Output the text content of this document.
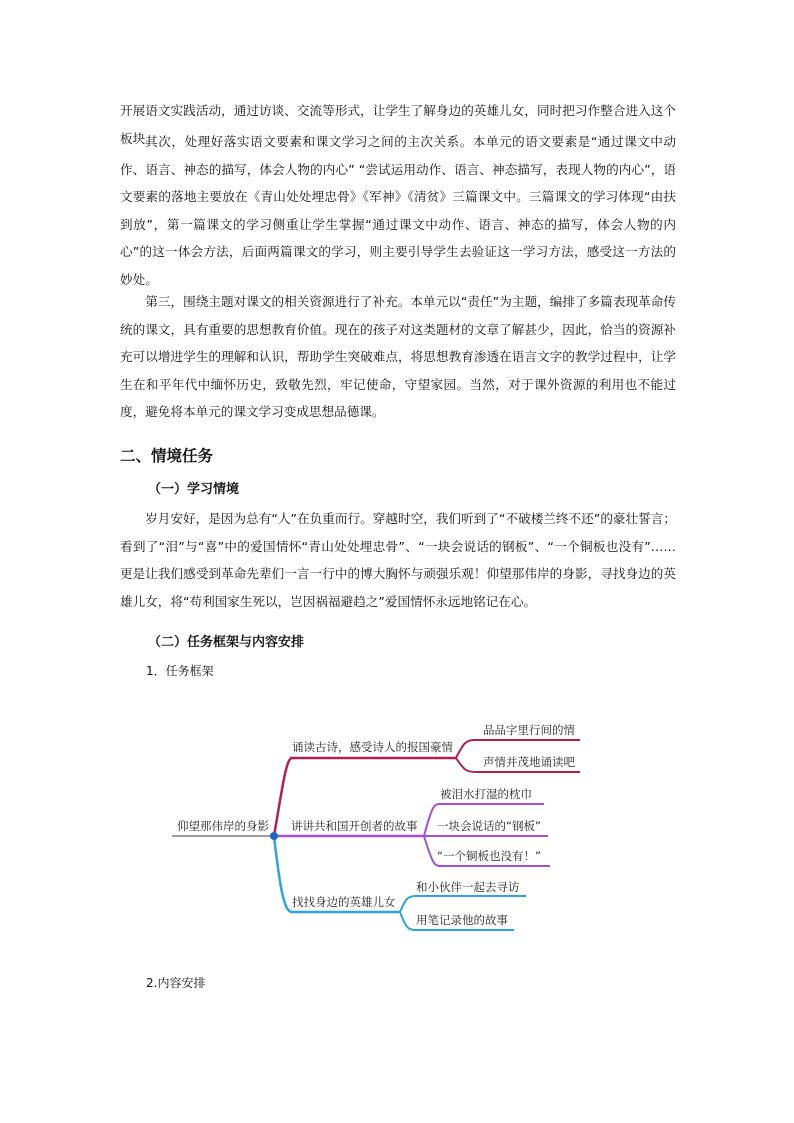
开展语文实践活动，通过访谈、交流等形式，让学生了解身边的英雄儿女，同时把习作整合进入这个板块。

其次，处理好落实语文要素和课文学习之间的主次关系。本单元的语文要素是“通过课文中动作、语言、神态的描写，体会人物的内心” “尝试运用动作、语言、神态描写，表现人物的内心”，语文要素的落地主要放在《青山处处埋忠骨》《军神》《清贫》三篇课文中。三篇课文的学习体现“由扶到放”，第一篇课文的学习侧重让学生掌握“通过课文中动作、语言、神态的描写，体会人物的内心”的这一体会方法，后面两篇课文的学习，则主要引导学生去验证这一学习方法，感受这一方法的妙处。

第三，围绕主题对课文的相关资源进行了补充。本单元以“责任”为主题，编排了多篇表现革命传统的课文，具有重要的思想教育价值。现在的孩子对这类题材的文章了解甚少，因此，恰当的资源补充可以增进学生的理解和认识，帮助学生突破难点，将思想教育渗透在语言文字的教学过程中，让学生在和平年代中缅怀历史，致敬先烈，牢记使命，守望家园。当然，对于课外资源的利用也不能过度，避免将本单元的课文学习变成思想品德课。

二、情境任务
（一）学习情境

岁月安好，是因为总有“人”在负重而行。穿越时空，我们听到了“不破楼兰终不还”的豪壮誓言；看到了“泪”与“喜”中的爱国情怀“青山处处埋忠骨”、“一块会说话的钢板”、“一个铜板也没有”……更是让我们感受到革命先辈们一言一行中的博大胸怀与顽强乐观！仰望那伟岸的身影，寻找身边的英雄儿女，将“苟利国家生死以，岂因祸福避趋之”爱国情怀永远地铭记在心。

（二）任务框架与内容安排

1．任务框架

仰望那伟岸的身影
诵读古诗，感受诗人的报国豪情
品品字里行间的情
声情并茂地诵读吧
讲讲共和国开创者的故事
被泪水打湿的枕巾
一块会说话的“钢板”
“一个铜板也没有！”
找找身边的英雄儿女
和小伙伴一起去寻访
用笔记录他的故事

2.内容安排
